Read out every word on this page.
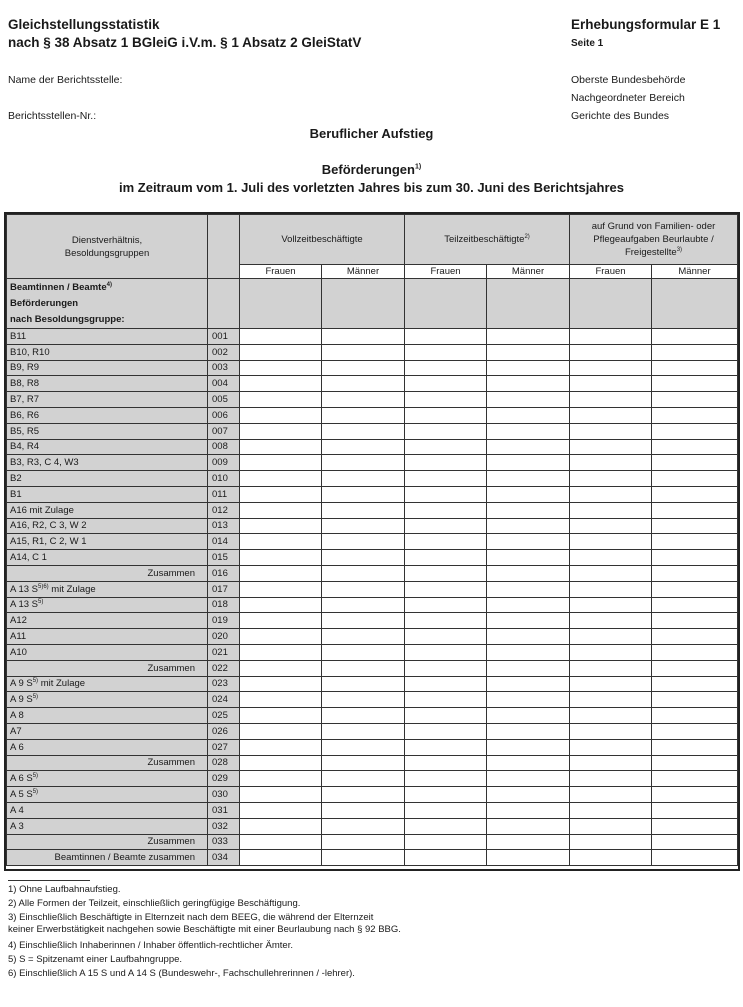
Gleichstellungsstatistik
nach § 38 Absatz 1 BGleiG i.V.m. § 1 Absatz 2 GleiStatV
Erhebungsformular E 1
Seite 1
Name der Berichtsstelle:
Berichtsstellen-Nr.:
Oberste Bundesbehörde
Nachgeordneter Bereich
Gerichte des Bundes
Beruflicher Aufstieg
Beförderungen$^{1)}$
im Zeitraum vom 1. Juli des vorletzten Jahres bis zum 30. Juni des Berichtsjahres
Dienstverhältnis,
Besoldungsgruppen		Vollzeitbeschäftigte		Teilzeitbeschäftigte$^{2)}$		auf Grund von Familien- oder Pflegeaufgaben Beurlaubte / Freigestellte$^{3)}$
		Frauen	Männer	Frauen	Männer	Frauen	Männer
Beamtinnen / Beamte$^{4)}$
Beförderungen
nach Besoldungsgruppe:							
B11	001						
B10, R10	002						
B9, R9	003						
B8, R8	004						
B7, R7	005						
B6, R6	006						
B5, R5	007						
B4, R4	008						
B3, R3, C 4, W3	009						
B2	010						
B1	011						
A16 mit Zulage	012						
A16, R2, C 3, W 2	013						
A15, R1, C 2, W 1	014						
A14, C 1	015						
Zusammen	016						
A 13 $S^{5)6)}$ mit Zulage	017						
A 13 $S^{5)}$	018						
A12	019						
A11	020						
A10	021						
Zusammen	022						
A 9 $S^{5)}$ mit Zulage	023						
A 9 $S^{5)}$	024						
A 8	025						
A7	026						
A 6	027						
Zusammen	028						
A 6 $S^{5)}$	029						
A 5 $S^{5)}$	030						
A 4	031						
A 3	032						
Zusammen	033						
Beamtinnen / Beamte zusammen	034						
1) Ohne Laufbahnaufstieg.
2) Alle Formen der Teilzeit, einschließlich geringfügige Beschäftigung.
3) Einschließlich Beschäftigte in Elternzeit nach dem BEEG, die während der Elternzeit
keiner Erwerbstätigkeit nachgehen sowie Beschäftigte mit einer Beurlaubung nach § 92 BBG.
4) Einschließlich Inhaberinnen / Inhaber öffentlich-rechtlicher Ämter.
5) S = Spitzenamt einer Laufbahngruppe.
6) Einschließlich A 15 S und A 14 S (Bundeswehr-, Fachschullehrerinnen / -lehrer).
